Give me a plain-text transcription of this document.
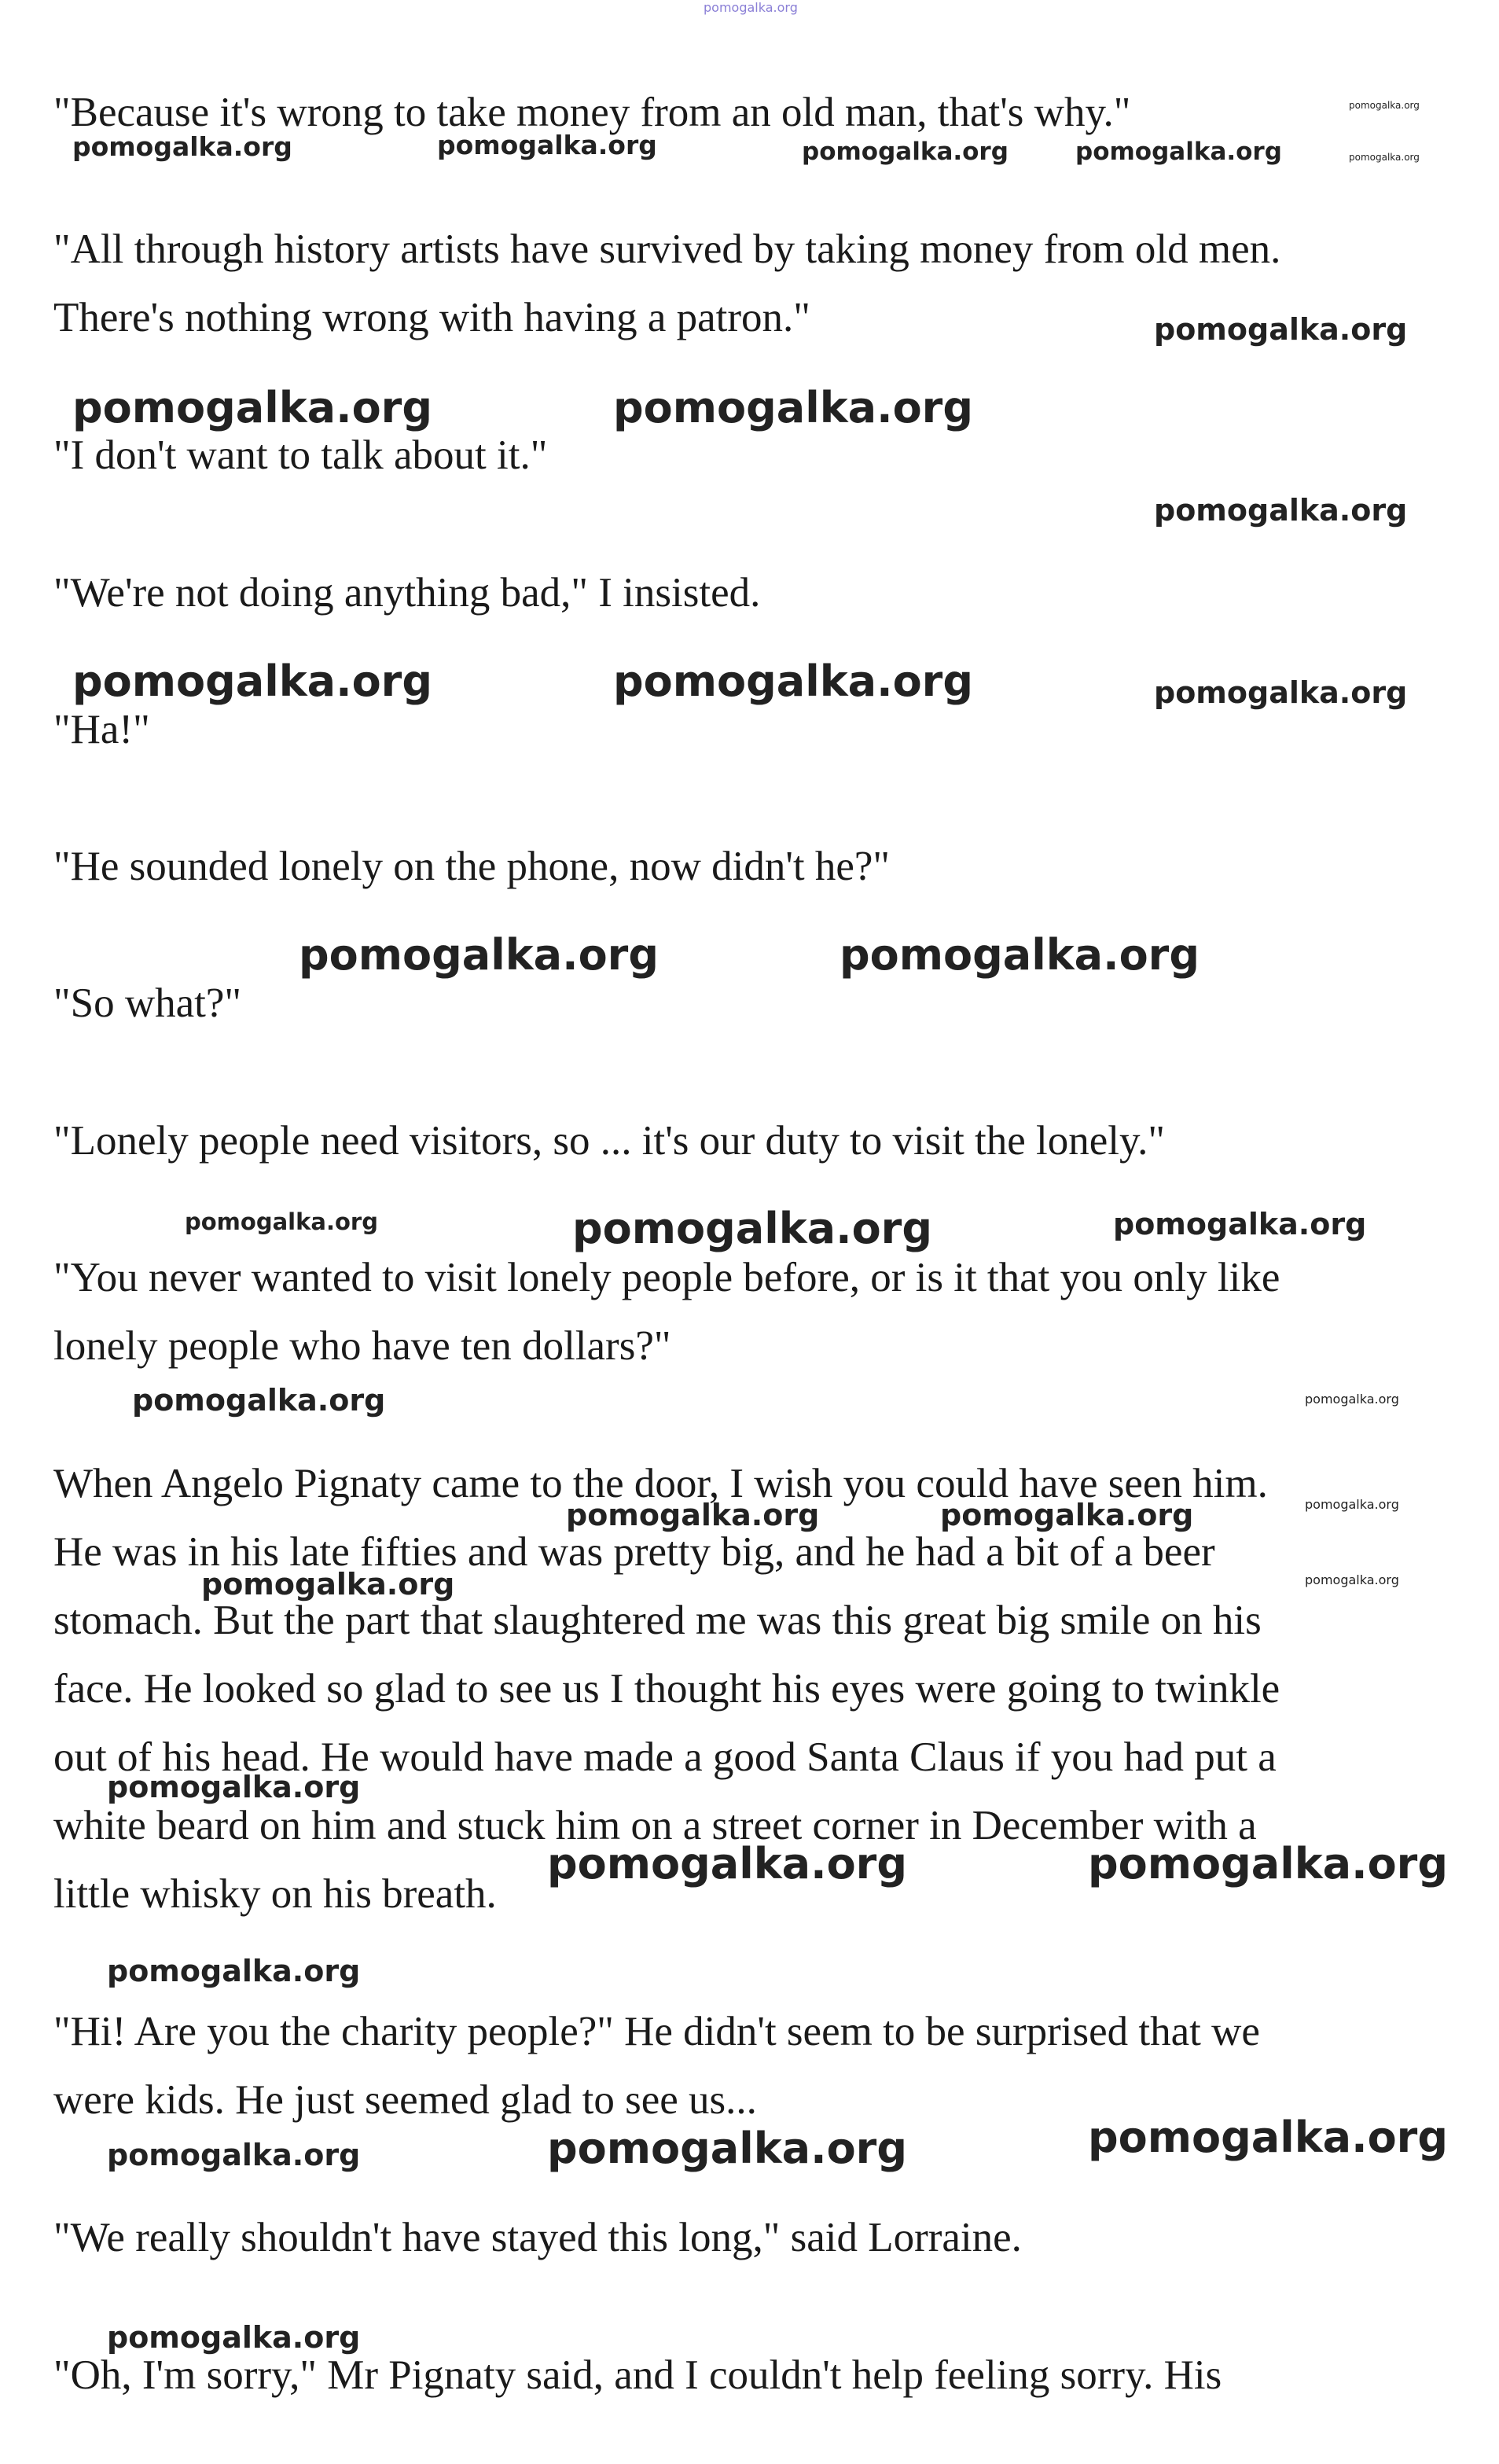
"Because it's wrong to take money from an old man, that's why."
"All through history artists have survived by taking money from old men.
There's nothing wrong with having a patron."
"I don't want to talk about it."
"We're not doing anything bad," I insisted.
"Ha!"
"He sounded lonely on the phone, now didn't he?"
"So what?"
"Lonely people need visitors, so ... it's our duty to visit the lonely."
"You never wanted to visit lonely people before, or is it that you only like
lonely people who have ten dollars?"
When Angelo Pignaty came to the door, I wish you could have seen him.
He was in his late fifties and was pretty big, and he had a bit of a beer
stomach. But the part that slaughtered me was this great big smile on his
face. He looked so glad to see us I thought his eyes were going to twinkle
out of his head. He would have made a good Santa Claus if you had put a
white beard on him and stuck him on a street corner in December with a
little whisky on his breath.
"Hi! Are you the charity people?" He didn't seem to be surprised that we
were kids. He just seemed glad to see us...
"We really shouldn't have stayed this long," said Lorraine.
"Oh, I'm sorry," Mr Pignaty said, and I couldn't help feeling sorry. His
pomogalka.org
pomogalka.org	pomogalka.org	pomogalka.org	pomogalka.org
pomogalka.org
pomogalka.org
pomogalka.org
pomogalka.org	pomogalka.org
pomogalka.org
pomogalka.org	pomogalka.org	pomogalka.org
pomogalka.org	pomogalka.org
pomogalka.org	pomogalka.org	pomogalka.org
pomogalka.org	pomogalka.org
pomogalka.org	pomogalka.org	pomogalka.org
pomogalka.org	pomogalka.org
pomogalka.org
pomogalka.org	pomogalka.org
pomogalka.org
pomogalka.org	pomogalka.org	pomogalka.org
pomogalka.org
